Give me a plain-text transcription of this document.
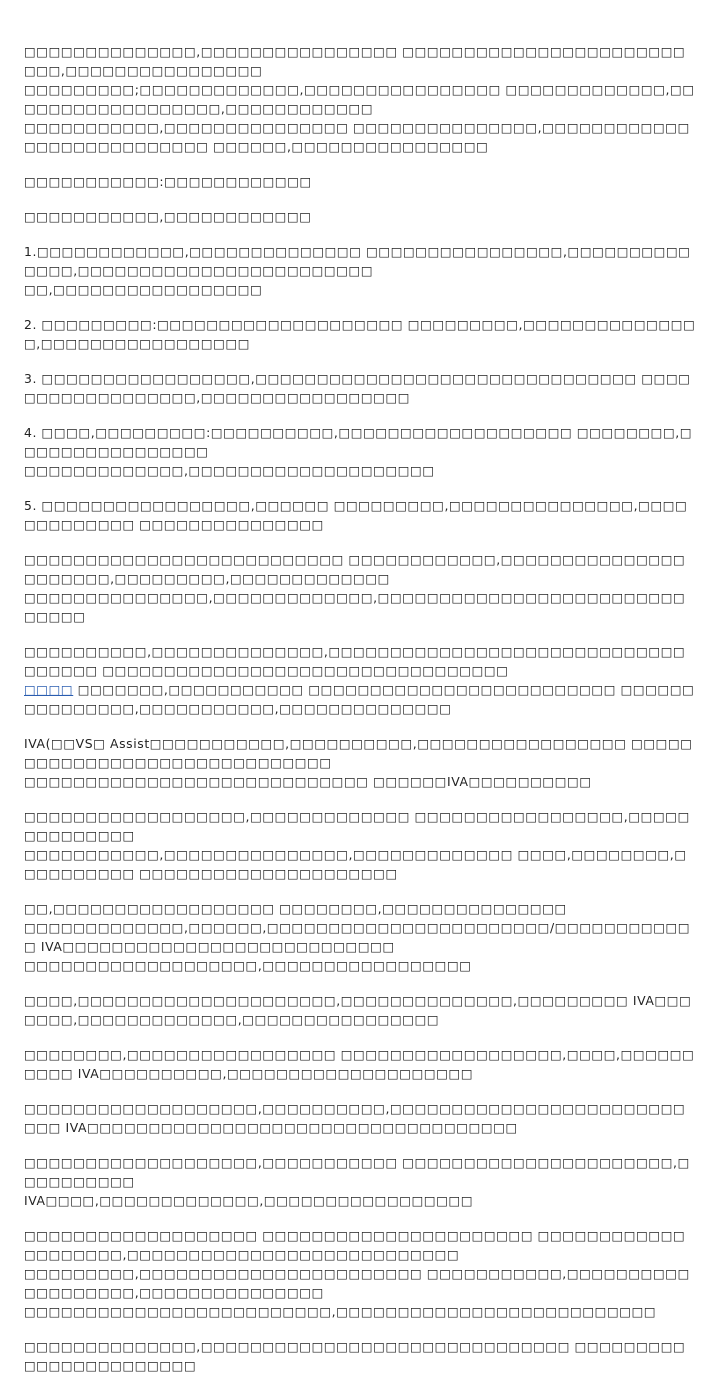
□□□□□□□□□□□□□□,□□□□□□□□□□□□□□□□ □□□□□□□□□□□□□□□□□□□□□□□□□□,□□□□□□□□□□□□□□□□
□□□□□□□□□;□□□□□□□□□□□□□,□□□□□□□□□□□□□□□□ □□□□□□□□□□□□□,□□□□□□□□□□□□□□□□□□,□□□□□□□□□□□□
□□□□□□□□□□□,□□□□□□□□□□□□□□□ □□□□□□□□□□□□□□□,□□□□□□□□□□□□□□□□□□□□□□□□□□□ □□□□□□,□□□□□□□□□□□□□□□□

□□□□□□□□□□□:□□□□□□□□□□□□

□□□□□□□□□□□,□□□□□□□□□□□□

1.□□□□□□□□□□□□,□□□□□□□□□□□□□□ □□□□□□□□□□□□□□□□,□□□□□□□□□□□□□□,□□□□□□□□□□□□□□□□□□□□□□□□
□□,□□□□□□□□□□□□□□□□□

2. □□□□□□□□□:□□□□□□□□□□□□□□□□□□□□ □□□□□□□□□,□□□□□□□□□□□□□□□,□□□□□□□□□□□□□□□□□

3. □□□□□□□□□□□□□□□□□,□□□□□□□□□□□□□□□□□□□□□□□□□□□□□□□ □□□□□□□□□□□□□□□□□□,□□□□□□□□□□□□□□□□□

4. □□□□,□□□□□□□□□:□□□□□□□□□□,□□□□□□□□□□□□□□□□□□□ □□□□□□□□,□□□□□□□□□□□□□□□□
□□□□□□□□□□□□□,□□□□□□□□□□□□□□□□□□□□

5. □□□□□□□□□□□□□□□□□,□□□□□□ □□□□□□□□□,□□□□□□□□□□□□□□□,□□□□□□□□□□□□□ □□□□□□□□□□□□□□□

□□□□□□□□□□□□□□□□□□□□□□□□□□ □□□□□□□□□□□□,□□□□□□□□□□□□□□□□□□□□□□,□□□□□□□□□,□□□□□□□□□□□□□
□□□□□□□□□□□□□□□,□□□□□□□□□□□□□,□□□□□□□□□□□□□□□□□□□□□□□□□□□□□□

□□□□□□□□□□,□□□□□□□□□□□□□□,□□□□□□□□□□□□□□□□□□□□□□□□□□□□□□□□□□□ □□□□□□□□□□□□□□□□□□□□□□□□□□□□□□□□□
□□□□ □□□□□□□,□□□□□□□□□□□ □□□□□□□□□□□□□□□□□□□□□□□□□ □□□□□□□□□□□□□□□,□□□□□□□□□□□,□□□□□□□□□□□□□□

IVA(□□VS□ Assist□□□□□□□□□□□,□□□□□□□□□□,□□□□□□□□□□□□□□□□□ □□□□□□□□□□□□□□□□□□□□□□□□□□□□□□
□□□□□□□□□□□□□□□□□□□□□□□□□□□□ □□□□□□IVA□□□□□□□□□□

□□□□□□□□□□□□□□□□□□,□□□□□□□□□□□□□ □□□□□□□□□□□□□□□□□,□□□□□□□□□□□□□□
□□□□□□□□□□□,□□□□□□□□□□□□□□□,□□□□□□□□□□□□□ □□□□,□□□□□□□□,□□□□□□□□□□ □□□□□□□□□□□□□□□□□□□□□

□□,□□□□□□□□□□□□□□□□□□ □□□□□□□□,□□□□□□□□□□□□□□□
□□□□□□□□□□□□□,□□□□□□,□□□□□□□□□□□□□□□□□□□□□□□/□□□□□□□□□□□□ IVA□□□□□□□□□□□□□□□□□□□□□□□□□□□
□□□□□□□□□□□□□□□□□□□,□□□□□□□□□□□□□□□□□

□□□□,□□□□□□□□□□□□□□□□□□□□□,□□□□□□□□□□□□□□,□□□□□□□□□ IVA□□□□□□□,□□□□□□□□□□□□□,□□□□□□□□□□□□□□□□

□□□□□□□□,□□□□□□□□□□□□□□□□□ □□□□□□□□□□□□□□□□□□,□□□□,□□□□□□□□□□ IVA□□□□□□□□□□,□□□□□□□□□□□□□□□□□□□□

□□□□□□□□□□□□□□□□□□□,□□□□□□□□□□,□□□□□□□□□□□□□□□□□□□□□□□□□□□ IVA□□□□□□□□□□□□□□□□□□□□□□□□□□□□□□□□□□□

□□□□□□□□□□□□□□□□□□□,□□□□□□□□□□□ □□□□□□□□□□□□□□□□□□□□□□,□□□□□□□□□□
IVA□□□□,□□□□□□□□□□□□□,□□□□□□□□□□□□□□□□□

□□□□□□□□□□□□□□□□□□□ □□□□□□□□□□□□□□□□□□□□□□ □□□□□□□□□□□□□□□□□□□□,□□□□□□□□□□□□□□□□□□□□□□□□□□□
□□□□□□□□□,□□□□□□□□□□□□□□□□□□□□□□□ □□□□□□□□□□□,□□□□□□□□□□□□□□□□□□□,□□□□□□□□□□□□□□□
□□□□□□□□□□□□□□□□□□□□□□□□□,□□□□□□□□□□□□□□□□□□□□□□□□□□

□□□□□□□□□□□□□□,□□□□□□□□□□□□□□□□□□□□□□□□□□□□□□ □□□□□□□□□□□□□□□□□□□□□□□
